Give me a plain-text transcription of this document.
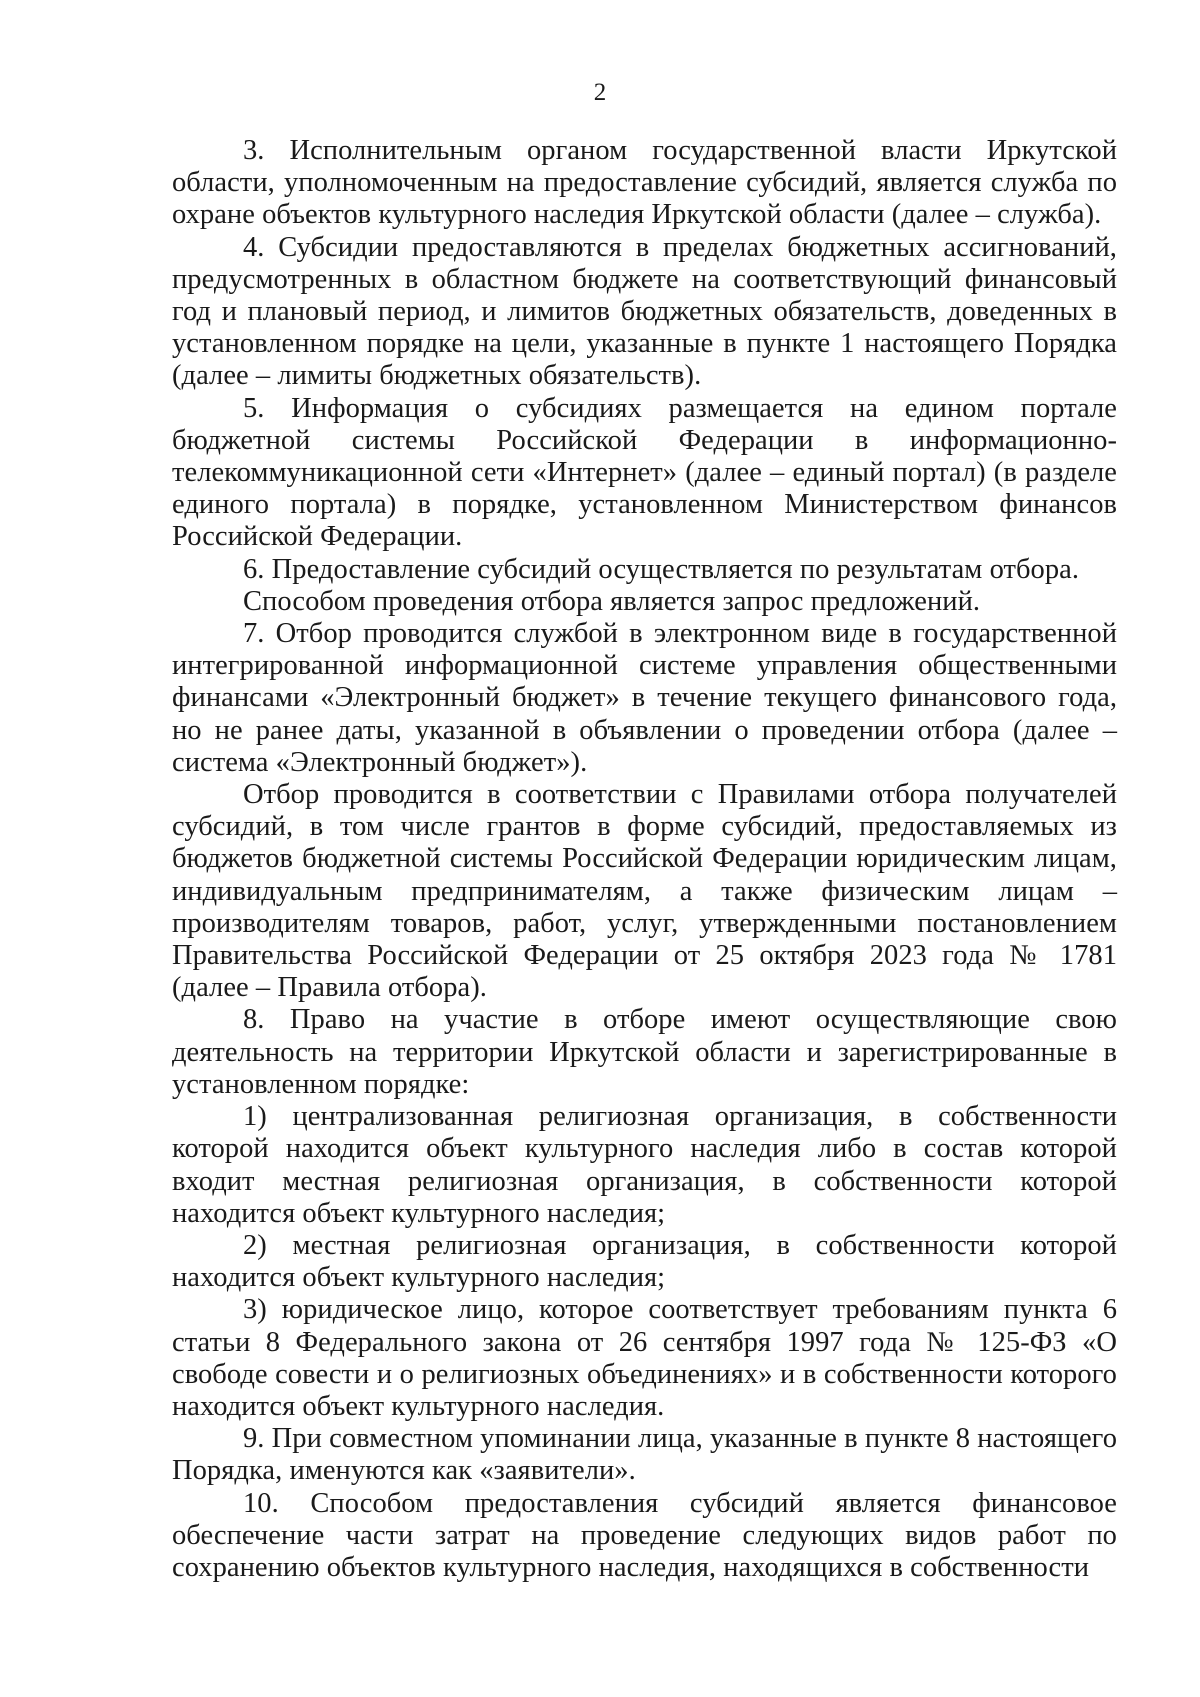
2

3. Исполнительным органом государственной власти Иркутской области, уполномоченным на предоставление субсидий, является служба по охране объектов культурного наследия Иркутской области (далее – служба).

4. Субсидии предоставляются в пределах бюджетных ассигнований, предусмотренных в областном бюджете на соответствующий финансовый год и плановый период, и лимитов бюджетных обязательств, доведенных в установленном порядке на цели, указанные в пункте 1 настоящего Порядка (далее – лимиты бюджетных обязательств).

5. Информация о субсидиях размещается на едином портале бюджетной системы Российской Федерации в информационно-телекоммуникационной сети «Интернет» (далее – единый портал) (в разделе единого портала) в порядке, установленном Министерством финансов Российской Федерации.

6. Предоставление субсидий осуществляется по результатам отбора.

Способом проведения отбора является запрос предложений.

7. Отбор проводится службой в электронном виде в государственной интегрированной информационной системе управления общественными финансами «Электронный бюджет» в течение текущего финансового года, но не ранее даты, указанной в объявлении о проведении отбора (далее – система «Электронный бюджет»).

Отбор проводится в соответствии с Правилами отбора получателей субсидий, в том числе грантов в форме субсидий, предоставляемых из бюджетов бюджетной системы Российской Федерации юридическим лицам, индивидуальным предпринимателям, а также физическим лицам – производителям товаров, работ, услуг, утвержденными постановлением Правительства Российской Федерации от 25 октября 2023 года № 1781 (далее – Правила отбора).

8. Право на участие в отборе имеют осуществляющие свою деятельность на территории Иркутской области и зарегистрированные в установленном порядке:

1) централизованная религиозная организация, в собственности которой находится объект культурного наследия либо в состав которой входит местная религиозная организация, в собственности которой находится объект культурного наследия;

2) местная религиозная организация, в собственности которой находится объект культурного наследия;

3) юридическое лицо, которое соответствует требованиям пункта 6 статьи 8 Федерального закона от 26 сентября 1997 года № 125-ФЗ «О свободе совести и о религиозных объединениях» и в собственности которого находится объект культурного наследия.

9. При совместном упоминании лица, указанные в пункте 8 настоящего Порядка, именуются как «заявители».

10. Способом предоставления субсидий является финансовое обеспечение части затрат на проведение следующих видов работ по сохранению объектов культурного наследия, находящихся в собственности
